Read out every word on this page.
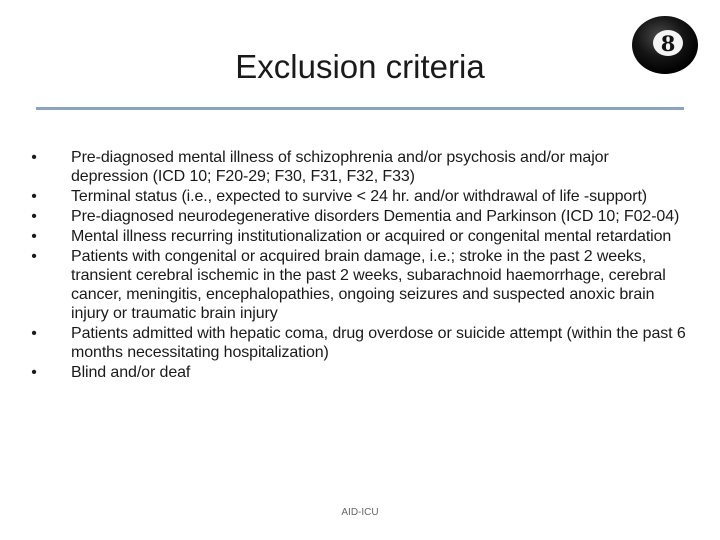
Exclusion criteria
8
• Pre-diagnosed mental illness of schizophrenia and/or psychosis and/or major depression (ICD 10; F20-29; F30, F31, F32, F33)
• Terminal status (i.e., expected to survive < 24 hr. and/or withdrawal of life -support)
• Pre-diagnosed neurodegenerative disorders Dementia and Parkinson (ICD 10; F02-04)
• Mental illness recurring institutionalization or acquired or congenital mental retardation
• Patients with congenital or acquired brain damage, i.e.; stroke in the past 2 weeks, transient cerebral ischemic in the past 2 weeks, subarachnoid haemorrhage, cerebral cancer, meningitis, encephalopathies, ongoing seizures and suspected anoxic brain injury or traumatic brain injury
• Patients admitted with hepatic coma, drug overdose or suicide attempt (within the past 6 months necessitating hospitalization)
• Blind and/or deaf
AID-ICU
